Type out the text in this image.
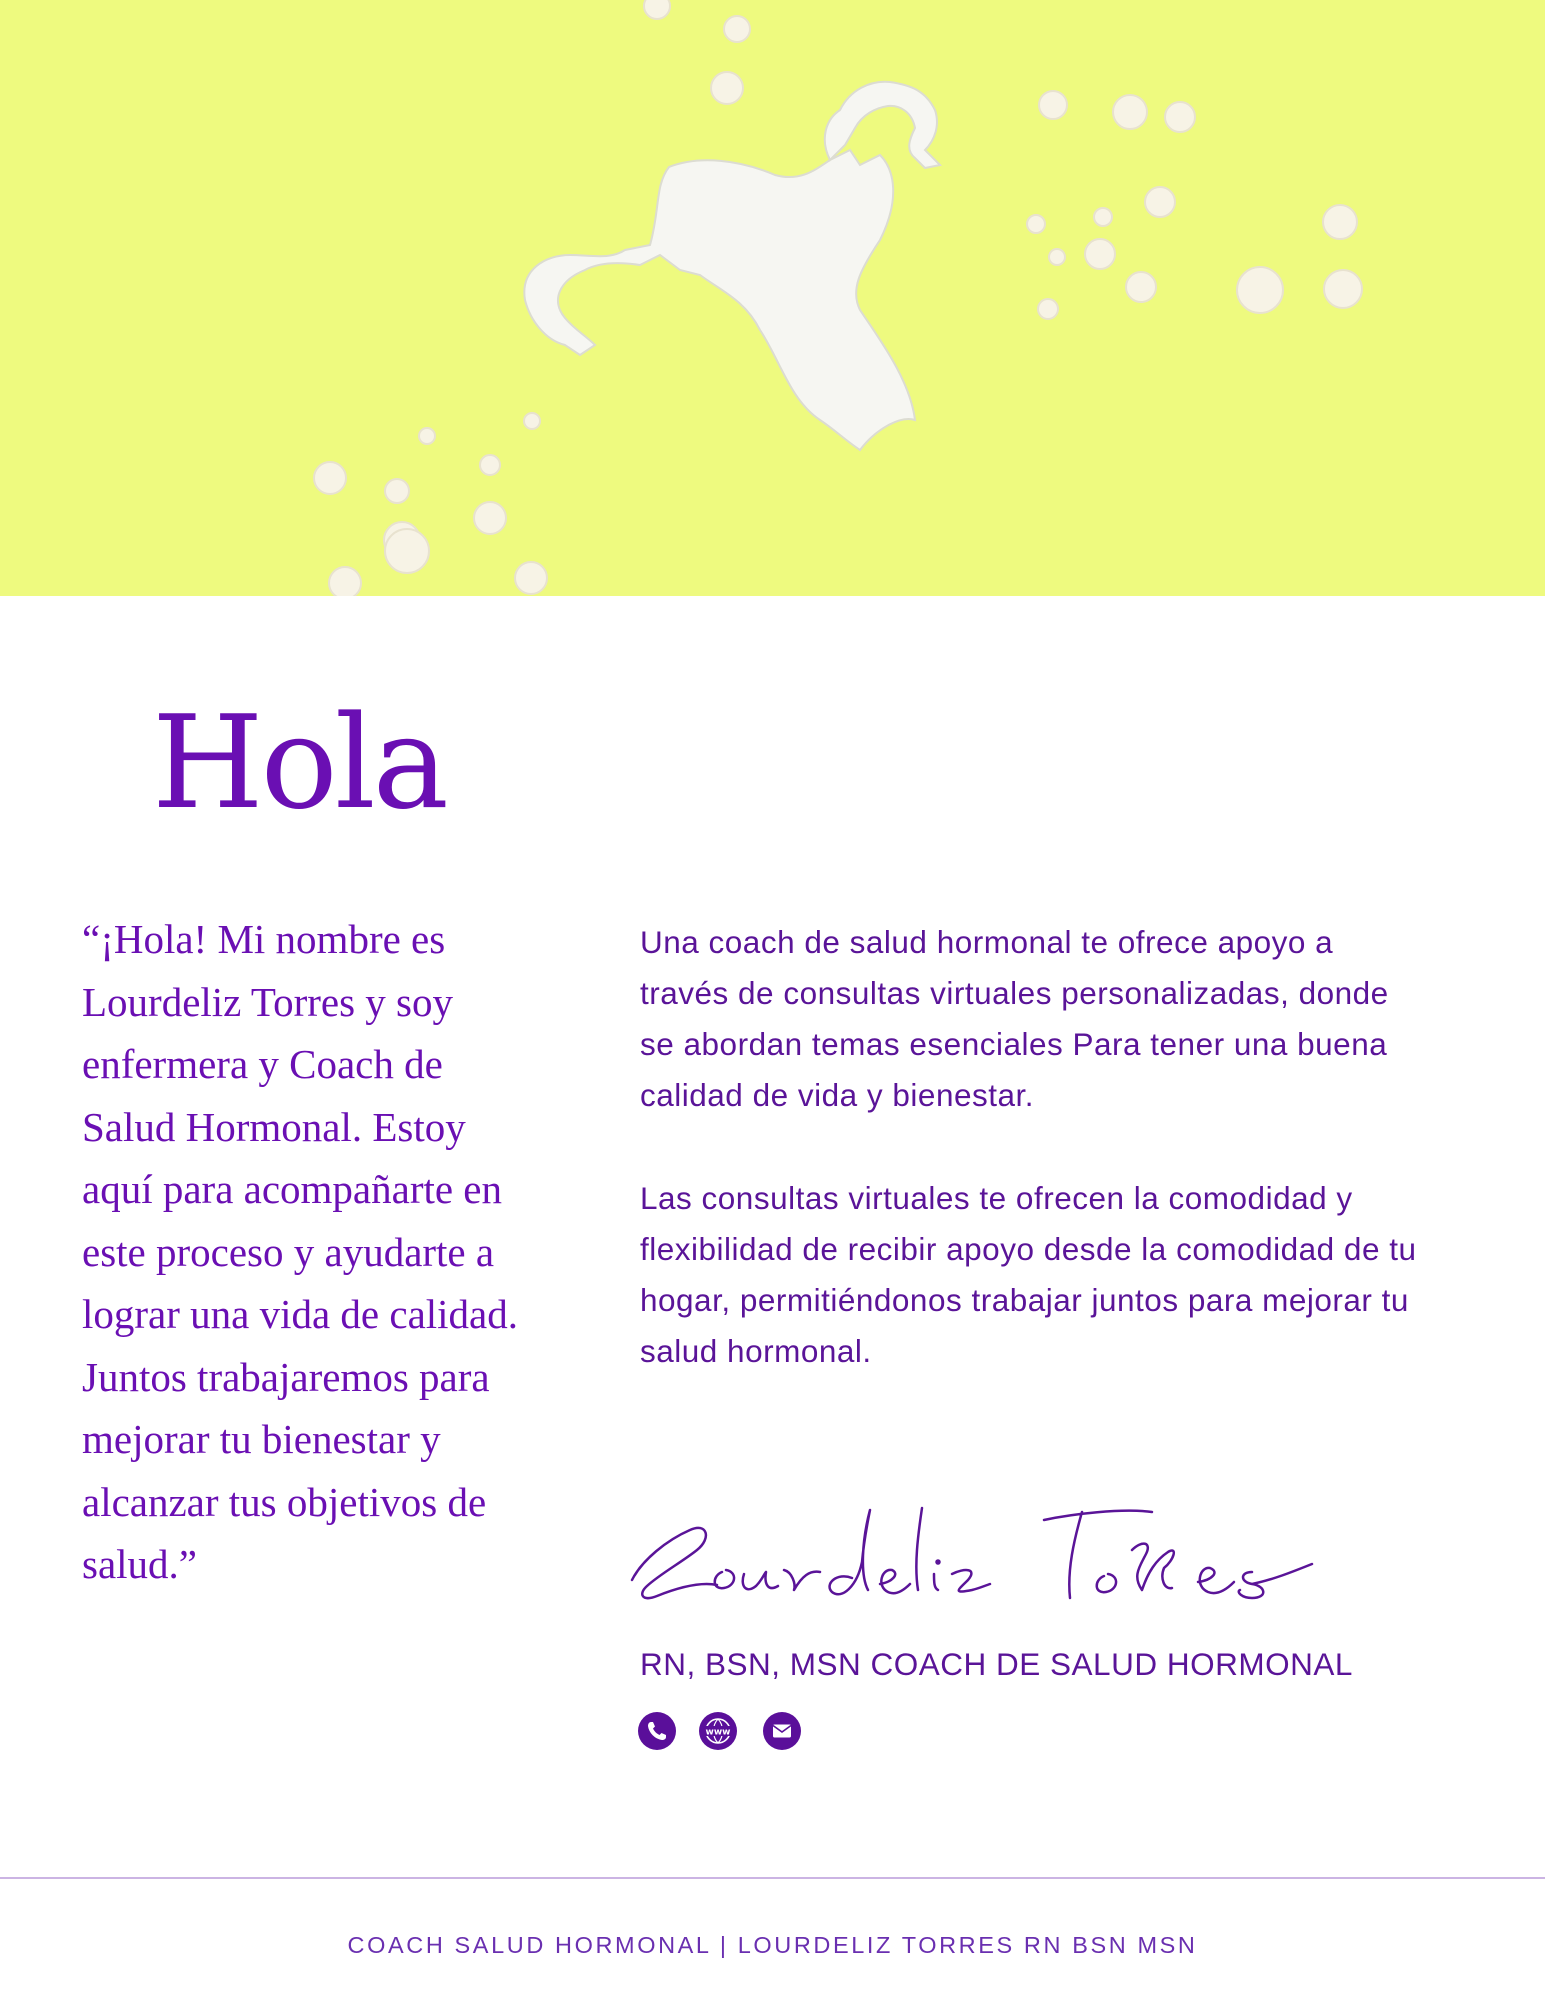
Hola

“¡Hola! Mi nombre es Lourdeliz Torres y soy enfermera y Coach de Salud Hormonal. Estoy aquí para acompañarte en este proceso y ayudarte a lograr una vida de calidad. Juntos trabajaremos para mejorar tu bienestar y alcanzar tus objetivos de salud.”

Una coach de salud hormonal te ofrece apoyo a través de consultas virtuales personalizadas, donde se abordan temas esenciales Para tener una buena calidad de vida y bienestar.

Las consultas virtuales te ofrecen la comodidad y flexibilidad de recibir apoyo desde la comodidad de tu hogar, permitiéndonos trabajar juntos para mejorar tu salud hormonal.

RN, BSN, MSN COACH DE SALUD HORMONAL

www

COACH SALUD HORMONAL | LOURDELIZ TORRES RN BSN MSN
